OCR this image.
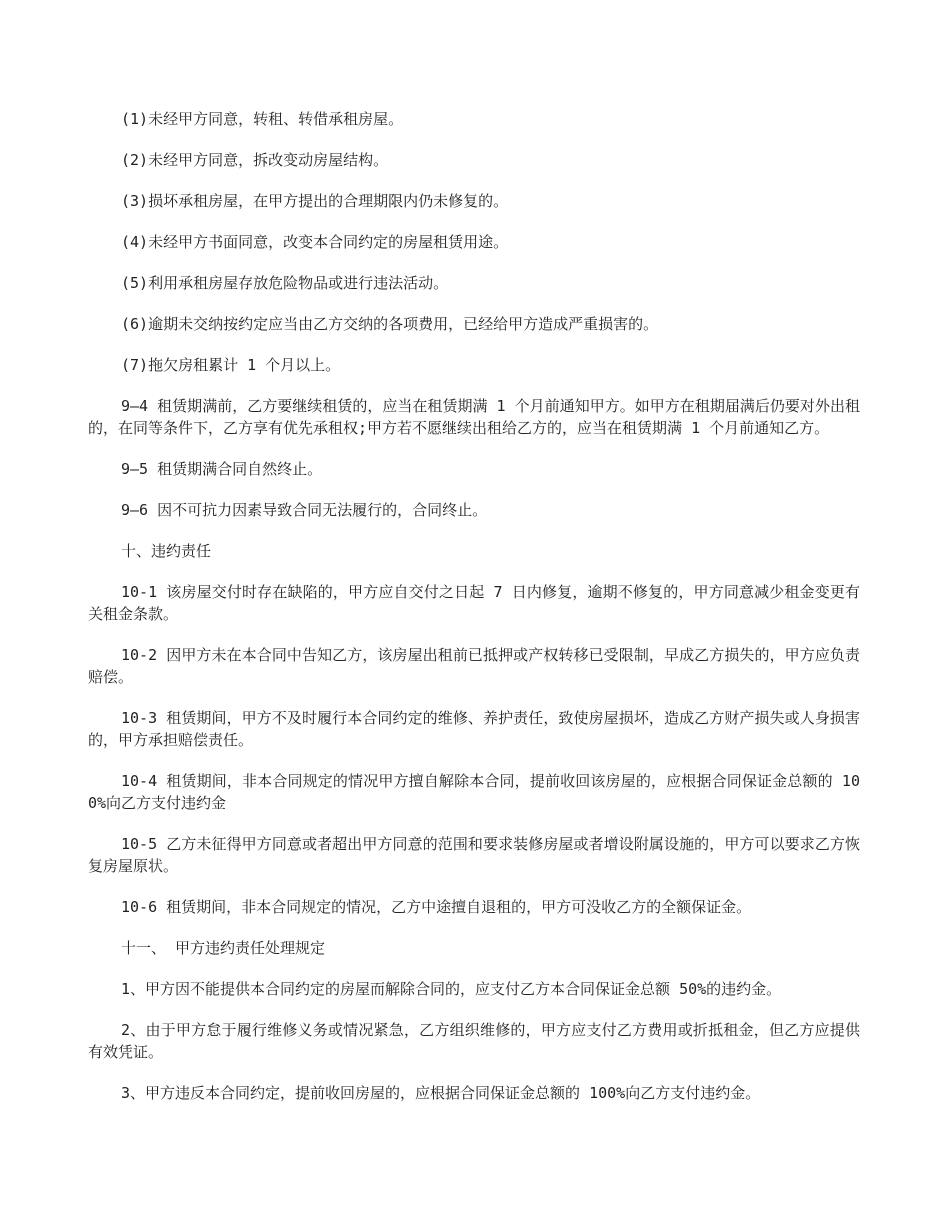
(1)未经甲方同意，转租、转借承租房屋。

(2)未经甲方同意，拆改变动房屋结构。

(3)损坏承租房屋，在甲方提出的合理期限内仍未修复的。

(4)未经甲方书面同意，改变本合同约定的房屋租赁用途。

(5)利用承租房屋存放危险物品或进行违法活动。

(6)逾期未交纳按约定应当由乙方交纳的各项费用，已经给甲方造成严重损害的。

(7)拖欠房租累计 1 个月以上。

9—4 租赁期满前，乙方要继续租赁的，应当在租赁期满 1 个月前通知甲方。如甲方在租期届满后仍要对外出租的，在同等条件下，乙方享有优先承租权;甲方若不愿继续出租给乙方的，应当在租赁期满 1 个月前通知乙方。

9—5 租赁期满合同自然终止。

9—6 因不可抗力因素导致合同无法履行的，合同终止。

十、违约责任

10-1 该房屋交付时存在缺陷的，甲方应自交付之日起 7 日内修复，逾期不修复的，甲方同意减少租金变更有关租金条款。

10-2 因甲方未在本合同中告知乙方，该房屋出租前已抵押或产权转移已受限制，早成乙方损失的，甲方应负责赔偿。

10-3 租赁期间，甲方不及时履行本合同约定的维修、养护责任，致使房屋损坏，造成乙方财产损失或人身损害的，甲方承担赔偿责任。

10-4 租赁期间，非本合同规定的情况甲方擅自解除本合同，提前收回该房屋的，应根据合同保证金总额的 100%向乙方支付违约金

10-5 乙方未征得甲方同意或者超出甲方同意的范围和要求装修房屋或者增设附属设施的，甲方可以要求乙方恢复房屋原状。

10-6 租赁期间，非本合同规定的情况，乙方中途擅自退租的，甲方可没收乙方的全额保证金。

十一、 甲方违约责任处理规定

1、甲方因不能提供本合同约定的房屋而解除合同的，应支付乙方本合同保证金总额 50%的违约金。

2、由于甲方怠于履行维修义务或情况紧急，乙方组织维修的，甲方应支付乙方费用或折抵租金，但乙方应提供有效凭证。

3、甲方违反本合同约定，提前收回房屋的，应根据合同保证金总额的 100%向乙方支付违约金。
